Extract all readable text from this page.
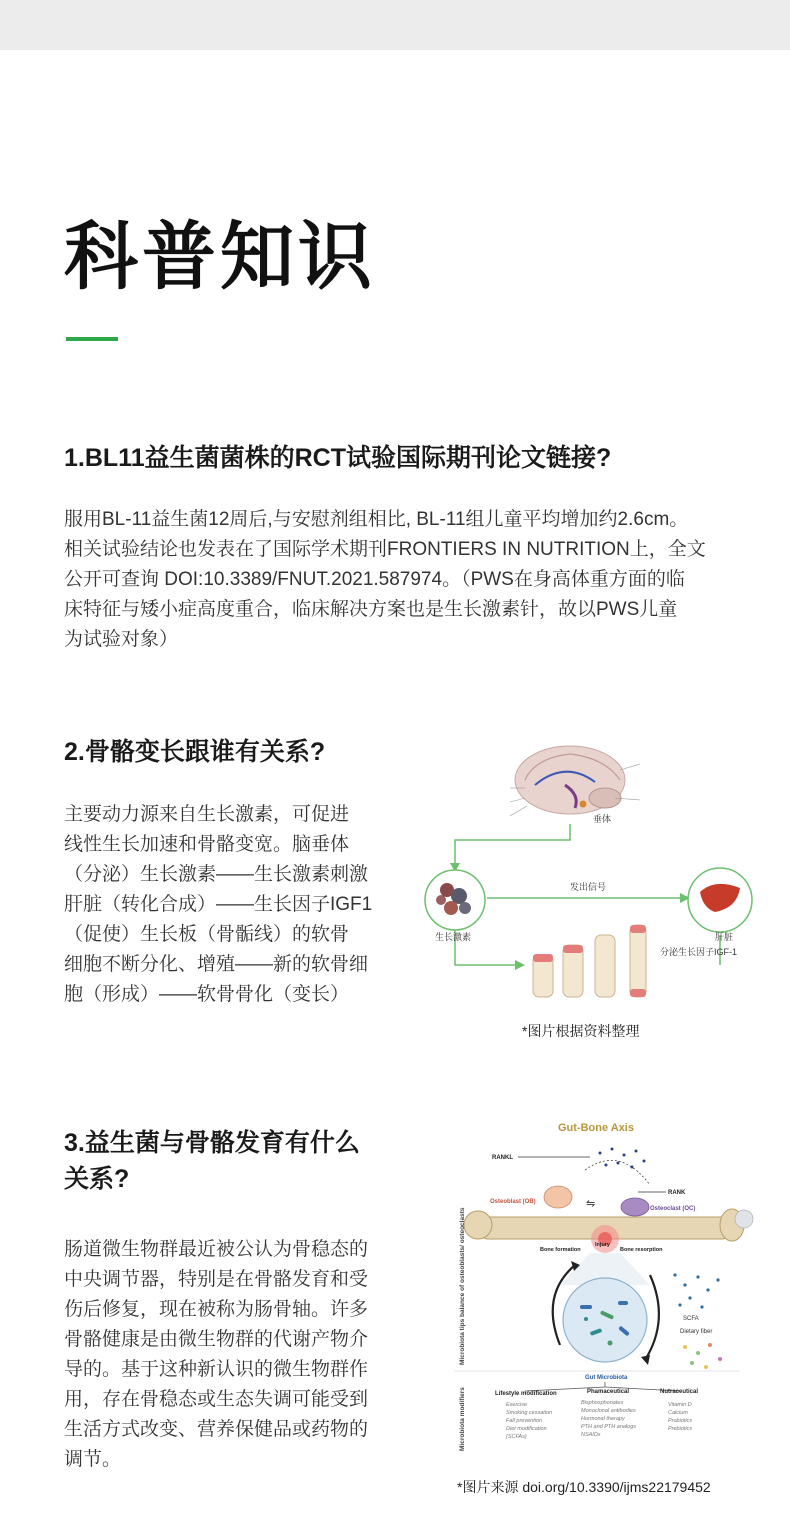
科普知识
1.BL11益生菌菌株的RCT试验国际期刊论文链接?
服用BL-11益生菌12周后,与安慰剂组相比, BL-11组儿童平均增加约2.6cm。
相关试验结论也发表在了国际学术期刊FRONTIERS IN NUTRITION上，全文
公开可查询 DOI:10.3389/FNUT.2021.587974。（PWS在身高体重方面的临
床特征与矮小症高度重合，临床解决方案也是生长激素针，故以PWS儿童
为试验对象）
2.骨骼变长跟谁有关系?
主要动力源来自生长激素，可促进
线性生长加速和骨骼变宽。脑垂体
（分泌）生长激素——生长激素刺激
肝脏（转化合成）——生长因子IGF1
（促使）生长板（骨骺线）的软骨
细胞不断分化、增殖——新的软骨细
胞（形成）——软骨骨化（变长）
垂体
生长激素
发出信号
肝脏
分泌生长因子IGF-1
*图片根据资料整理
3.益生菌与骨骼发育有什么
关系?
肠道微生物群最近被公认为骨稳态的
中央调节器，特别是在骨骼发育和受
伤后修复，现在被称为肠骨轴。许多
骨骼健康是由微生物群的代谢产物介
导的。基于这种新认识的微生物群作
用，存在骨稳态或生态失调可能受到
生活方式改变、营养保健品或药物的
调节。
Gut-Bone Axis
RANKL
RANK
Osteoblast (OB)	⇋	Osteoclast (OC)
Bone formation
Injury
Bone resorption
SCFA
Dietary fiber
Microbiota tips balance of osteoblasts/ osteoclasts
Microbiota modifiers
Gut Microbiota
Lifestyle modification
Exercise
Smoking cessation
Fall prevention
Diet modification
(SCFAs)
Phamaceutical
Bisphosphonates
Monoclonal antibodies
Hormonal therapy
PTH and PTH analogs
NSAIDs
Nutraceutical
Vitamin D
Calcium
Probiotics
Prebiotics
*图片来源 doi.org/10.3390/ijms22179452
